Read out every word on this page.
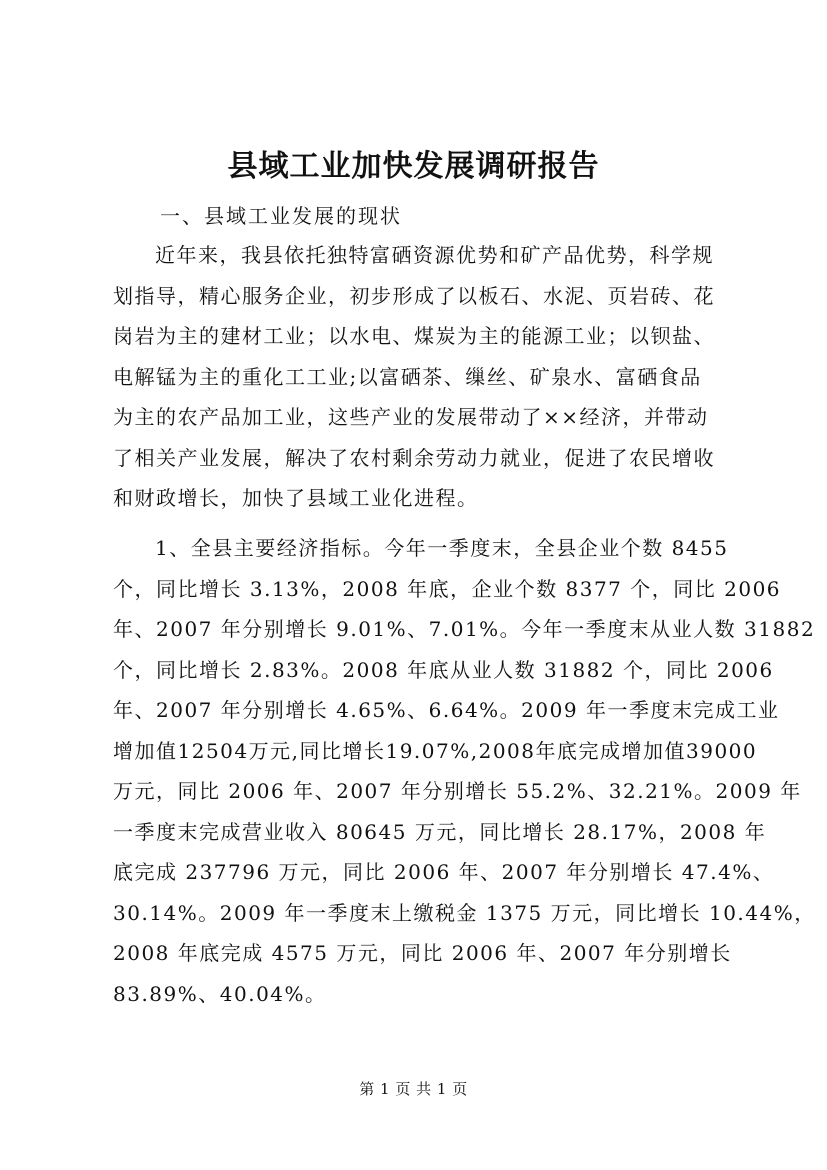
县域工业加快发展调研报告
一、县域工业发展的现状
近年来，我县依托独特富硒资源优势和矿产品优势，科学规
划指导，精心服务企业，初步形成了以板石、水泥、页岩砖、花
岗岩为主的建材工业；以水电、煤炭为主的能源工业；以钡盐、
电解锰为主的重化工工业;以富硒茶、缫丝、矿泉水、富硒食品
为主的农产品加工业，这些产业的发展带动了××经济，并带动
了相关产业发展，解决了农村剩余劳动力就业，促进了农民增收
和财政增长，加快了县域工业化进程。
1、全县主要经济指标。今年一季度末，全县企业个数 8455
个，同比增长 3.13%，2008 年底，企业个数 8377 个，同比 2006
年、2007 年分别增长 9.01%、7.01%。今年一季度末从业人数 31882
个，同比增长 2.83%。2008 年底从业人数 31882 个，同比 2006
年、2007 年分别增长 4.65%、6.64%。2009 年一季度末完成工业
增加值12504万元,同比增长19.07%,2008年底完成增加值39000
万元，同比 2006 年、2007 年分别增长 55.2%、32.21%。2009 年
一季度末完成营业收入 80645 万元，同比增长 28.17%，2008 年
底完成 237796 万元，同比 2006 年、2007 年分别增长 47.4%、
30.14%。2009 年一季度末上缴税金 1375 万元，同比增长 10.44%，
2008 年底完成 4575 万元，同比 2006 年、2007 年分别增长
83.89%、40.04%。
第 1 页 共 1 页
